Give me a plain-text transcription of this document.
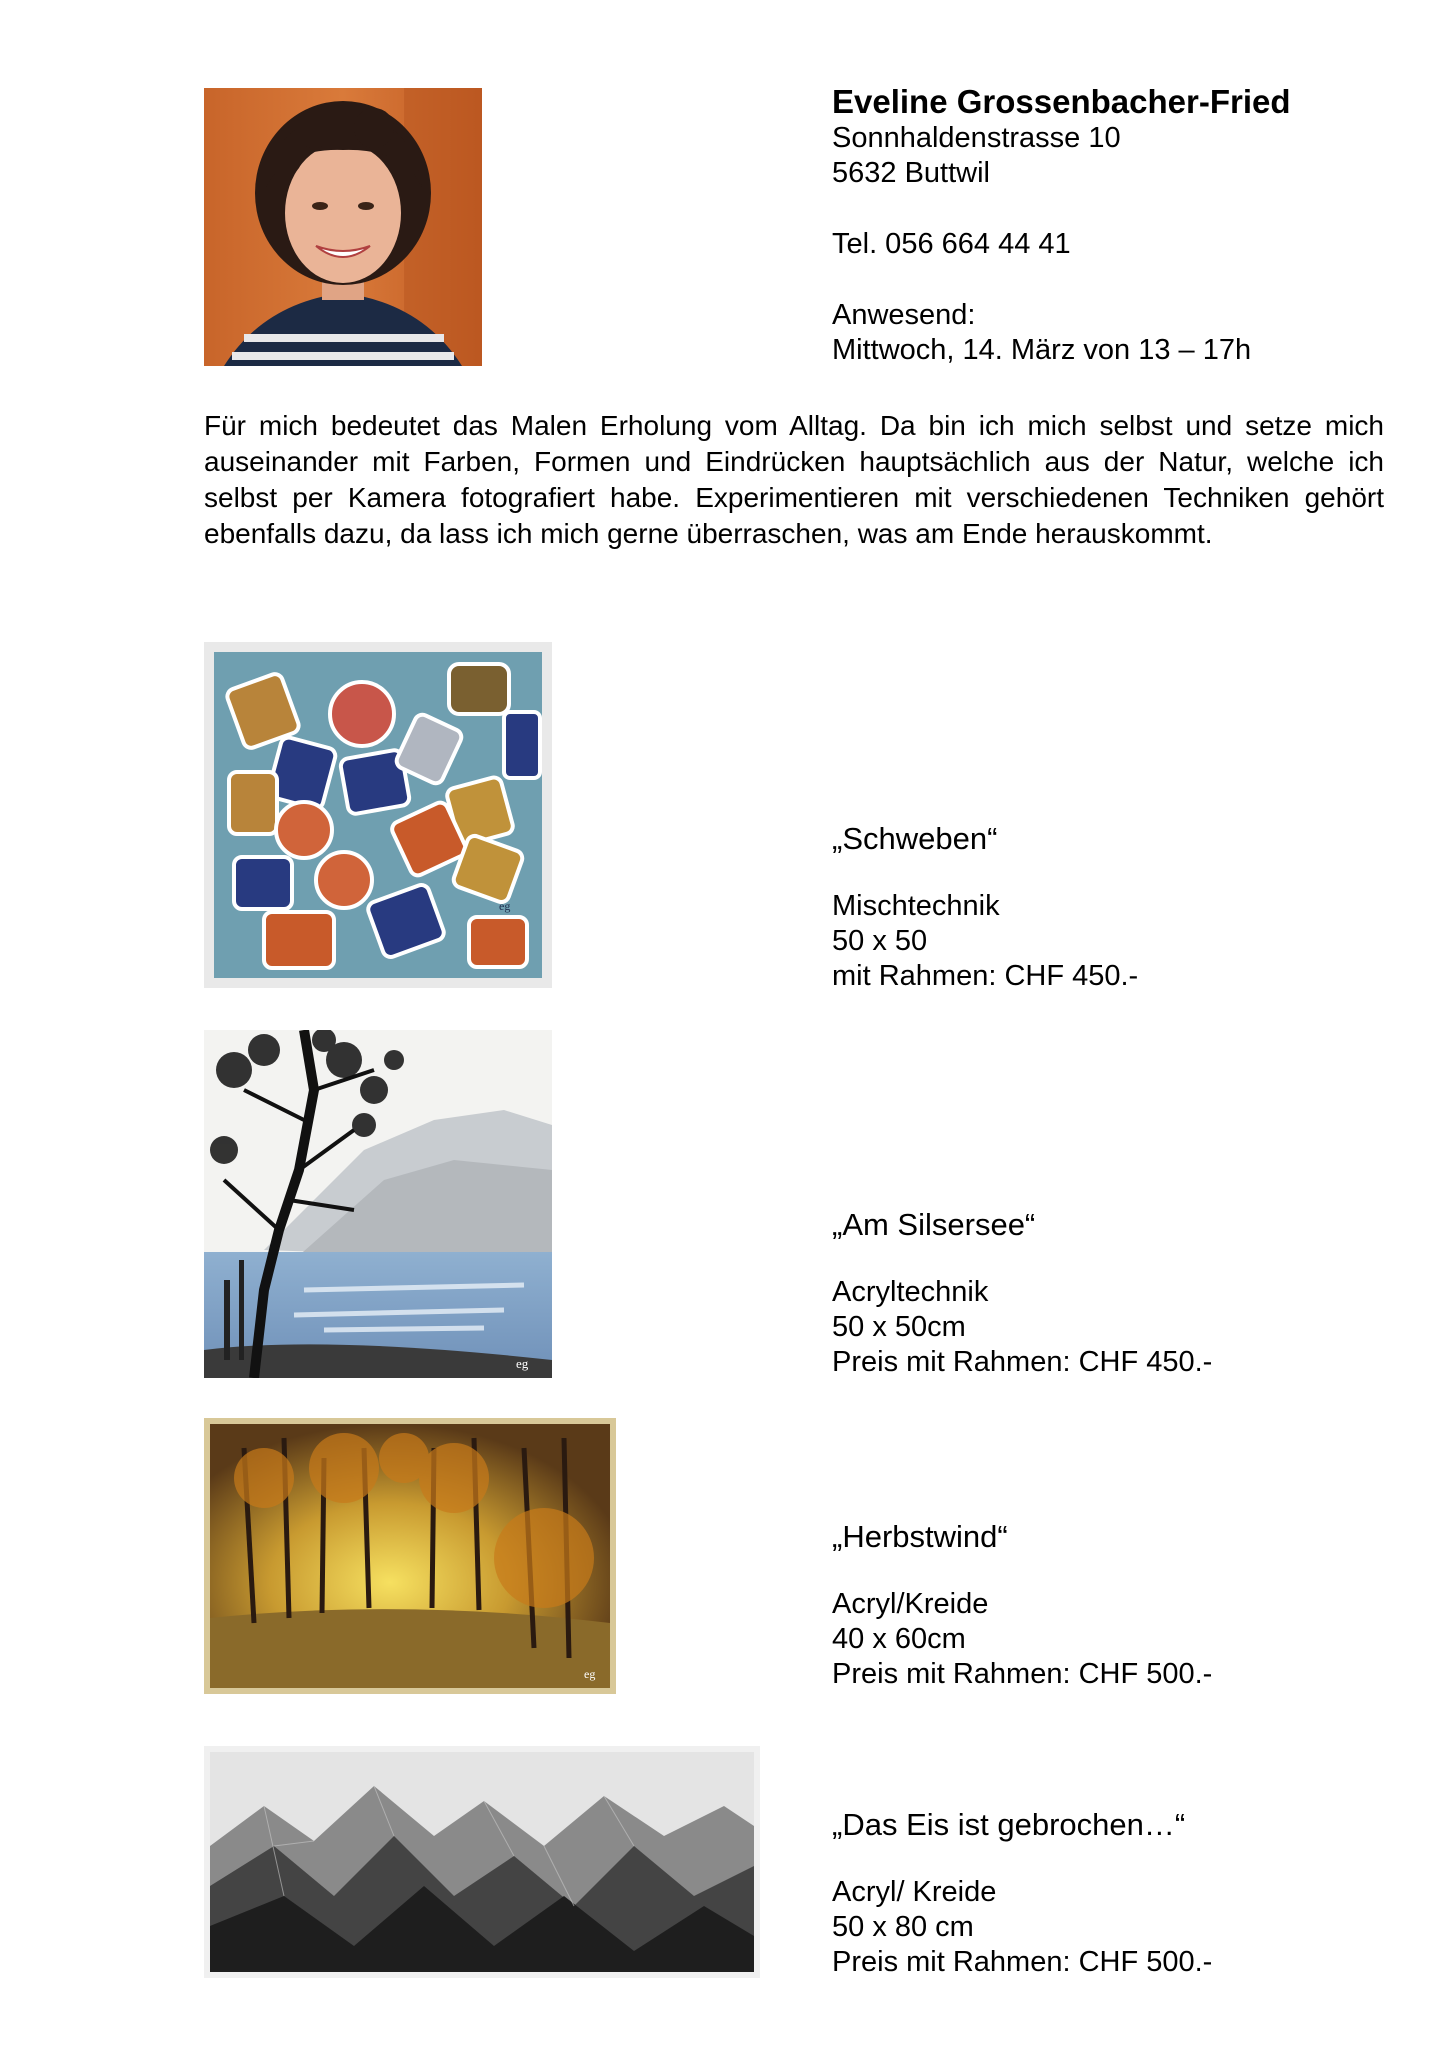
Eveline Grossenbacher-Fried
Sonnhaldenstrasse 10
5632 Buttwil
Tel. 056 664 44 41
Anwesend:
Mittwoch, 14. März von 13 – 17h
Für mich bedeutet das Malen Erholung vom Alltag. Da bin ich mich selbst und setze mich auseinander mit Farben, Formen und Eindrücken hauptsächlich aus der Natur, welche ich selbst per Kamera fotografiert habe. Experimentieren mit verschiedenen Techniken gehört ebenfalls dazu, da lass ich mich gerne überraschen, was am Ende herauskommt.
eg
„Schweben“
Mischtechnik
50 x 50
mit Rahmen: CHF 450.-
eg
„Am Silsersee“
Acryltechnik
50 x 50cm
Preis mit Rahmen: CHF 450.-
eg
„Herbstwind“
Acryl/Kreide
40 x 60cm
Preis mit Rahmen: CHF 500.-
„Das Eis ist gebrochen…“
Acryl/ Kreide
50 x 80 cm
Preis mit Rahmen: CHF 500.-
